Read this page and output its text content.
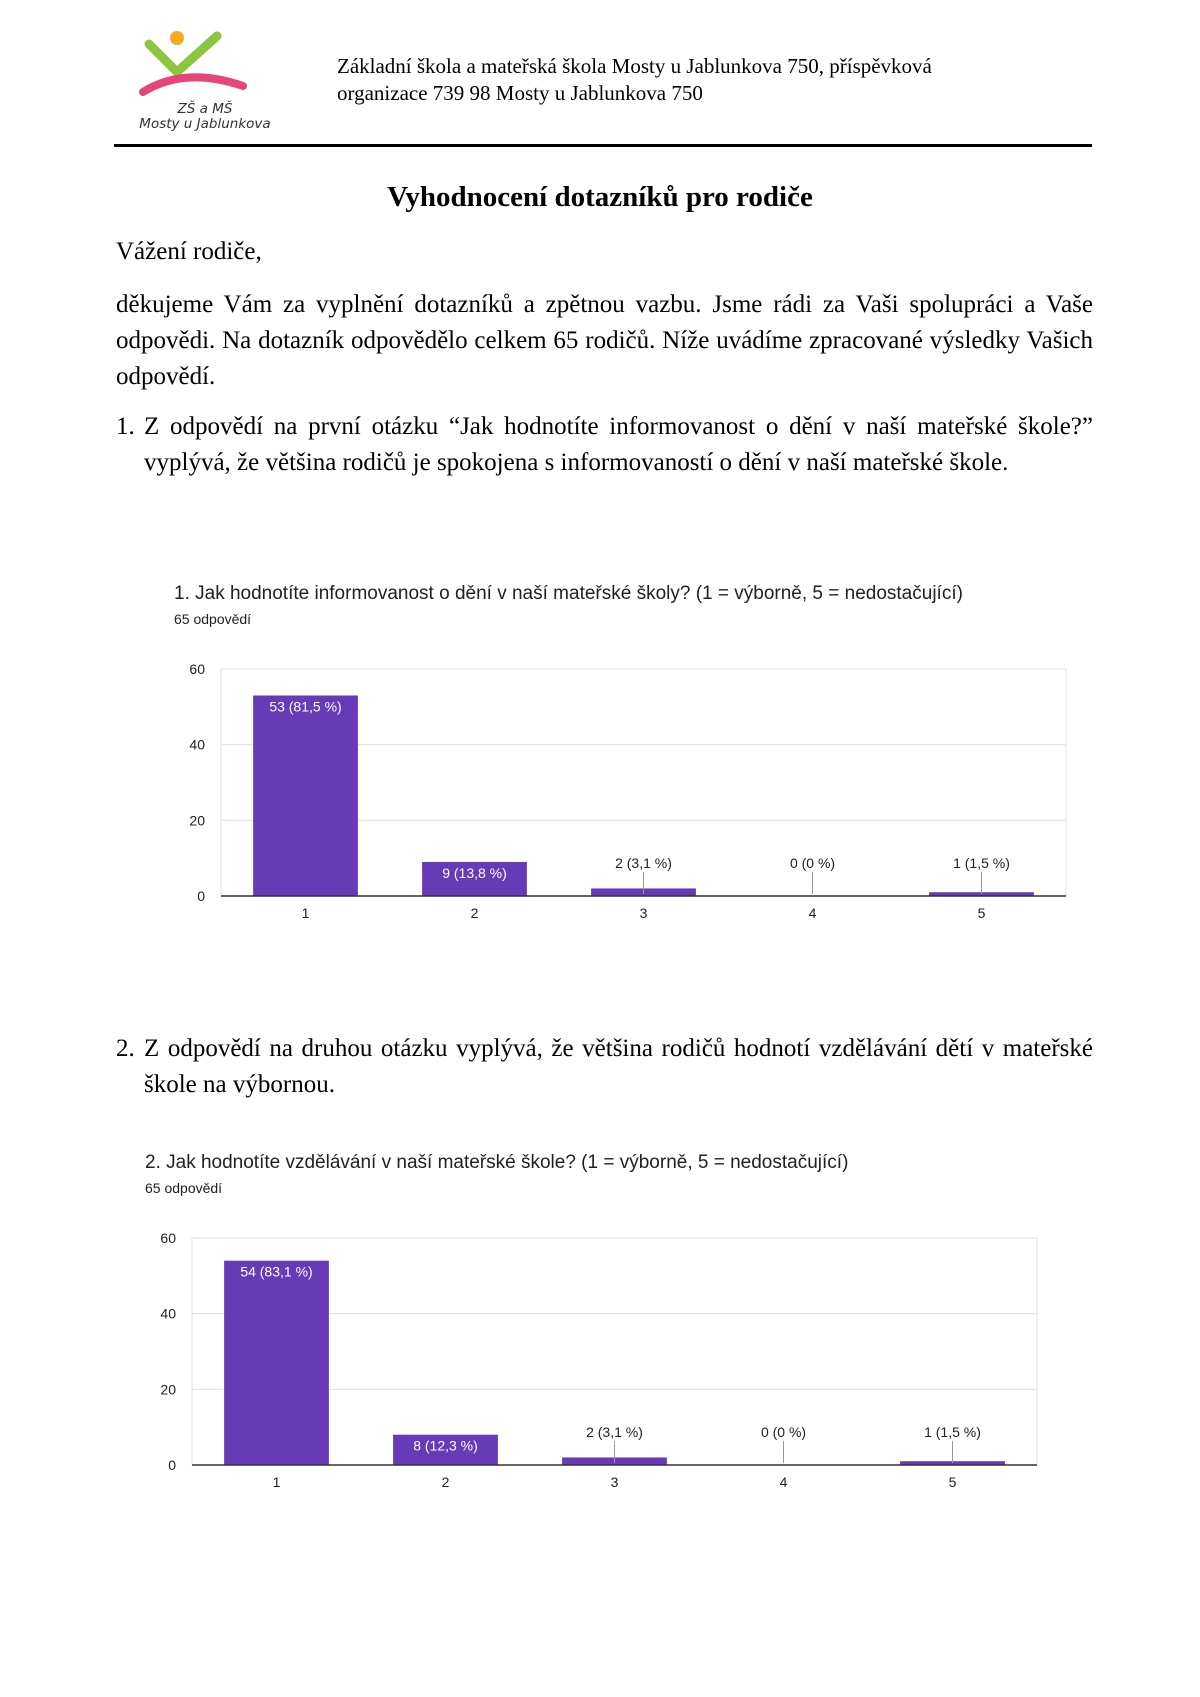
ZŠ a MŠ
Mosty u Jablunkova
Základní škola a mateřská škola Mosty u Jablunkova 750, příspěvková
organizace 739 98 Mosty u Jablunkova 750
Vyhodnocení dotazníků pro rodiče
Vážení rodiče,
děkujeme Vám za vyplnění dotazníků a zpětnou vazbu. Jsme rádi za Vaši spolupráci a Vaše odpovědi. Na dotazník odpovědělo celkem 65 rodičů. Níže uvádíme zpracované výsledky Vašich odpovědí.
1. Z odpovědí na první otázku “Jak hodnotíte informovanost o dění v naší mateřské škole?” vyplývá, že většina rodičů je spokojena s informovaností o dění v naší mateřské škole.
1. Jak hodnotíte informovanost o dění v naší mateřské školy? (1 = výborně, 5 = nedostačující)
65 odpovědí
0
20
40
60
53 (81,5 %)
1
9 (13,8 %)
2
2 (3,1 %)
3
0 (0 %)
4
1 (1,5 %)
5
2. Z odpovědí na druhou otázku vyplývá, že většina rodičů hodnotí vzdělávání dětí v mateřské škole na výbornou.
2. Jak hodnotíte vzdělávání v naší mateřské škole? (1 = výborně, 5 = nedostačující)
65 odpovědí
0
20
40
60
54 (83,1 %)
1
8 (12,3 %)
2
2 (3,1 %)
3
0 (0 %)
4
1 (1,5 %)
5
